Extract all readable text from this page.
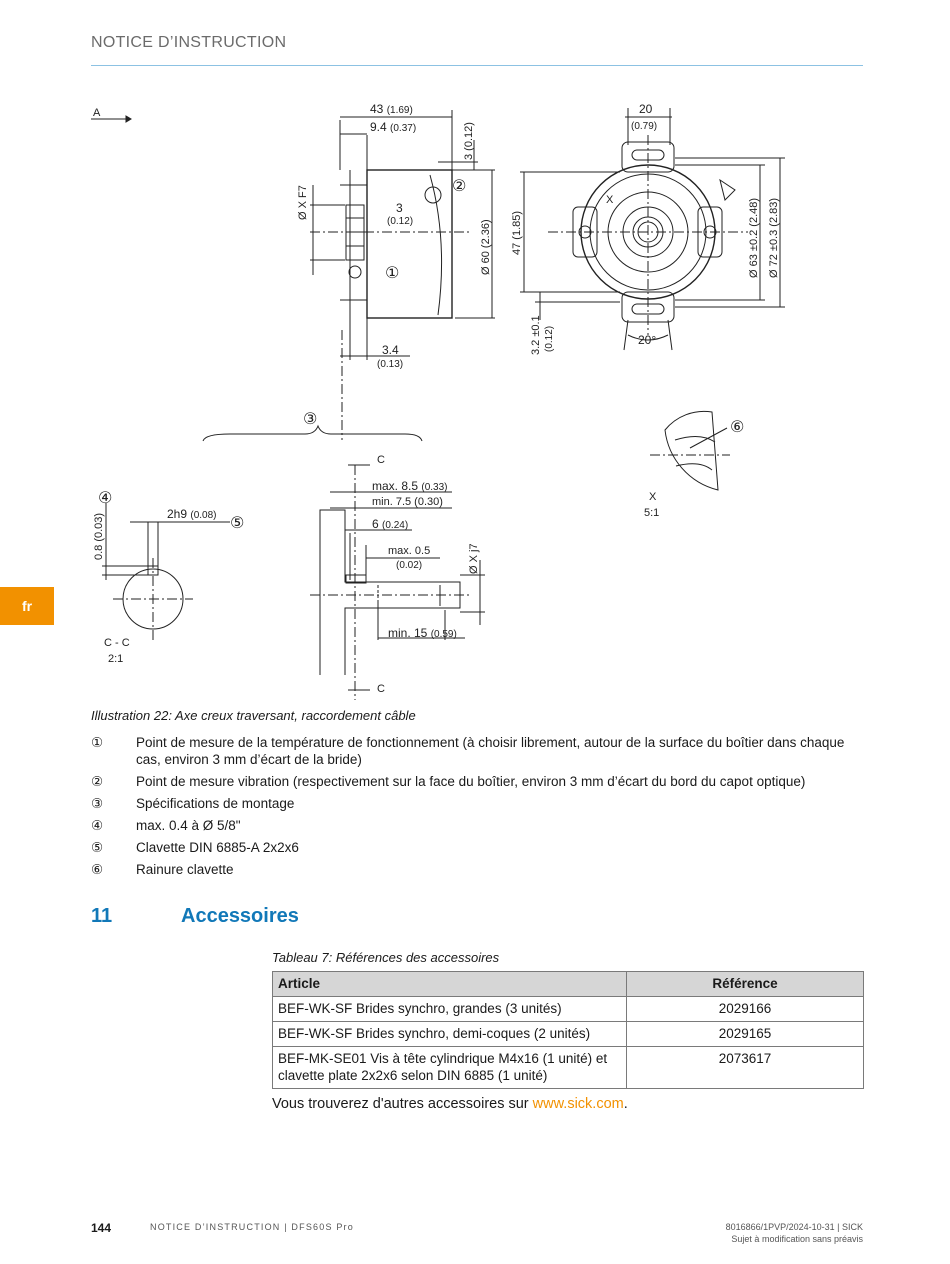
NOTICE D’INSTRUCTION
fr
A	43 (1.69)
9.4 (0.37)	3 (0.12)
Ø X F7	3
(0.12)	Ø 60 (2.36)
3.4
(0.13)
20
(0.79)
47 (1.85)	Ø 63 ±0.2 (2.48) Ø 72 ±0.3 (2.83)
3.2 ±0.1 (0.12)	20°
X
C
C
max. 8.5 (0.33)
min. 7.5 (0.30)
6 (0.24)
max. 0.5
(0.02)	Ø X j7
min. 15 (0.59)
2h9 (0.08)
0.8 (0.03)
C - C
2:1
X
5:1
①
②
③
④
⑤
⑥
Illustration 22: Axe creux traversant, raccordement câble
① Point de mesure de la température de fonctionnement (à choisir librement, autour de la surface du boîtier dans chaque cas, environ 3 mm d’écart de la bride)
② Point de mesure vibration (respectivement sur la face du boîtier, environ 3 mm d’écart du bord du capot optique)
③ Spécifications de montage
④ max. 0.4 à Ø 5/8"
⑤ Clavette DIN 6885-A 2x2x6
⑥ Rainure clavette
11	Accessoires
Tableau 7: Références des accessoires
Article	Référence
BEF-WK-SF Brides synchro, grandes (3 unités)	2029166
BEF-WK-SF Brides synchro, demi-coques (2 unités)	2029165
BEF-MK-SE01 Vis à tête cylindrique M4x16 (1 unité) et clavette plate 2x2x6 selon DIN 6885 (1 unité)	2073617
Vous trouverez d'autres accessoires sur www.sick.com.
144	NOTICE D’INSTRUCTION | DFS60S Pro	8016866/1PVP/2024-10-31 | SICK
Sujet à modification sans préavis
